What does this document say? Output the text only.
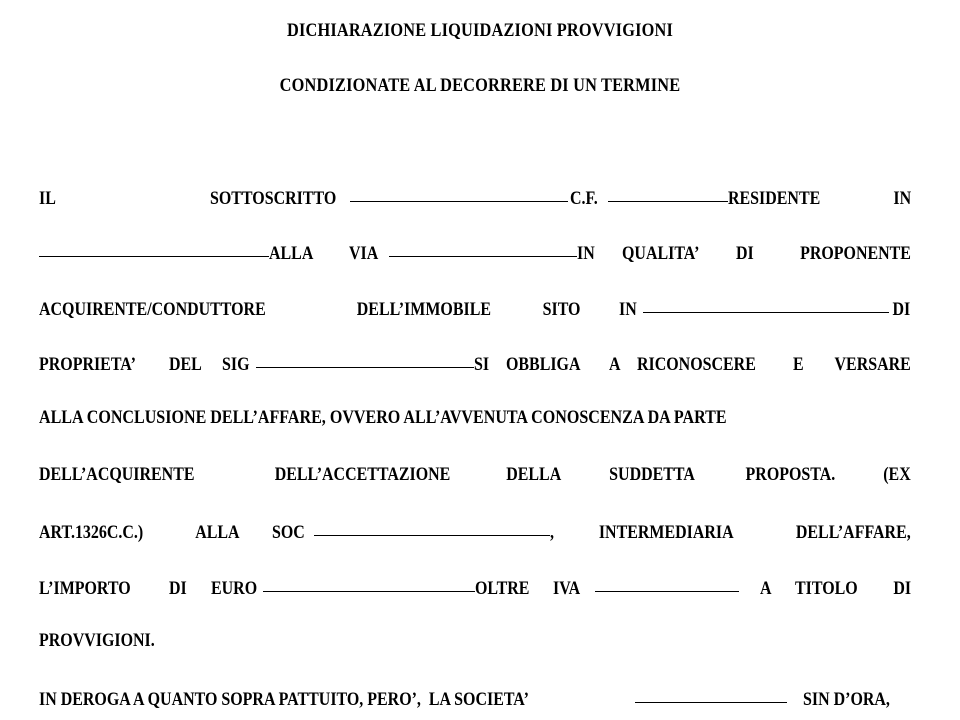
DICHIARAZIONE LIQUIDAZIONI PROVVIGIONI
CONDIZIONATE AL DECORRERE DI UN TERMINE
IL	SOTTOSCRITTO	C.F.	RESIDENTE	IN
ALLA VIA	IN QUALITA’ DI PROPONENTE
ACQUIRENTE/CONDUTTORE	DELL’IMMOBILE	SITO IN	DI
PROPRIETA’ DEL SIG	SI OBBLIGA A RICONOSCERE E VERSARE
ALLA CONCLUSIONE DELL’AFFARE, OVVERO ALL’AVVENUTA CONOSCENZA DA PARTE
DELL’ACQUIRENTE	DELL’ACCETTAZIONE	DELLA	SUDDETTA	PROPOSTA.	(EX
ART.1326C.C.)	ALLA SOC	, INTERMEDIARIA	DELL’AFFARE,
L’IMPORTO DI EURO	OLTRE IVA	A TITOLO DI
PROVVIGIONI.
IN DEROGA A QUANTO SOPRA PATTUITO, PERO’,  LA SOCIETA’	SIN D’ORA,
